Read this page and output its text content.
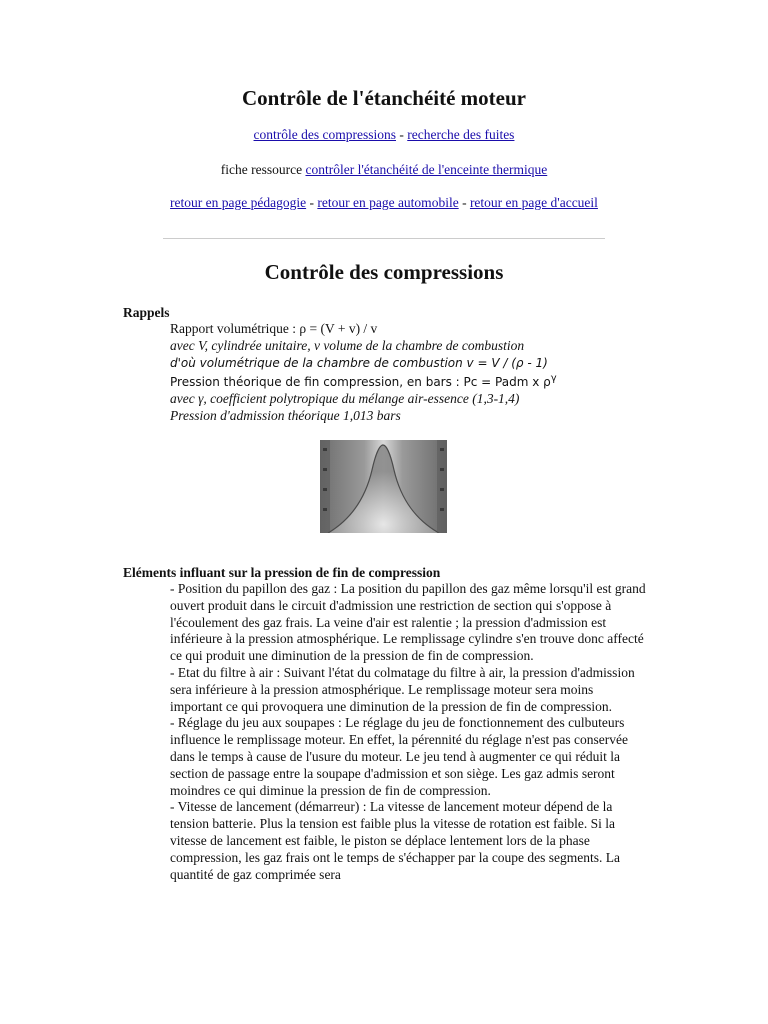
Contrôle de l'étanchéité moteur
contrôle des compressions - recherche des fuites
fiche ressource contrôler l'étanchéité de l'enceinte thermique
retour en page pédagogie - retour en page automobile - retour en page d'accueil
Contrôle des compressions
Rappels
Rapport volumétrique : ρ = (V + v) / v
avec V, cylindrée unitaire, v volume de la chambre de combustion
d'où volumétrique de la chambre de combustion v = V / (ρ - 1)
Pression théorique de fin compression, en bars : Pc = Padm x $\rho^\gamma$
avec γ, coefficient polytropique du mélange air-essence (1,3-1,4)
Pression d'admission théorique 1,013 bars
Eléments influant sur la pression de fin de compression

- Position du papillon des gaz : La position du papillon des gaz même lorsqu'il est grand ouvert produit dans le circuit d'admission une restriction de section qui s'oppose à l'écoulement des gaz frais. La veine d'air est ralentie ; la pression d'admission est inférieure à la pression atmosphérique. Le remplissage cylindre s'en trouve donc affecté ce qui produit une diminution de la pression de fin de compression.

- Etat du filtre à air : Suivant l'état du colmatage du filtre à air, la pression d'admission sera inférieure à la pression atmosphérique. Le remplissage moteur sera moins important ce qui provoquera une diminution de la pression de fin de compression.

- Réglage du jeu aux soupapes : Le réglage du jeu de fonctionnement des culbuteurs influence le remplissage moteur. En effet, la pérennité du réglage n'est pas conservée dans le temps à cause de l'usure du moteur. Le jeu tend à augmenter ce qui réduit la section de passage entre la soupape d'admission et son siège. Les gaz admis seront moindres ce qui diminue la pression de fin de compression.

- Vitesse de lancement (démarreur) : La vitesse de lancement moteur dépend de la tension batterie. Plus la tension est faible plus la vitesse de rotation est faible. Si la vitesse de lancement est faible, le piston se déplace lentement lors de la phase compression, les gaz frais ont le temps de s'échapper par la coupe des segments. La quantité de gaz comprimée sera
